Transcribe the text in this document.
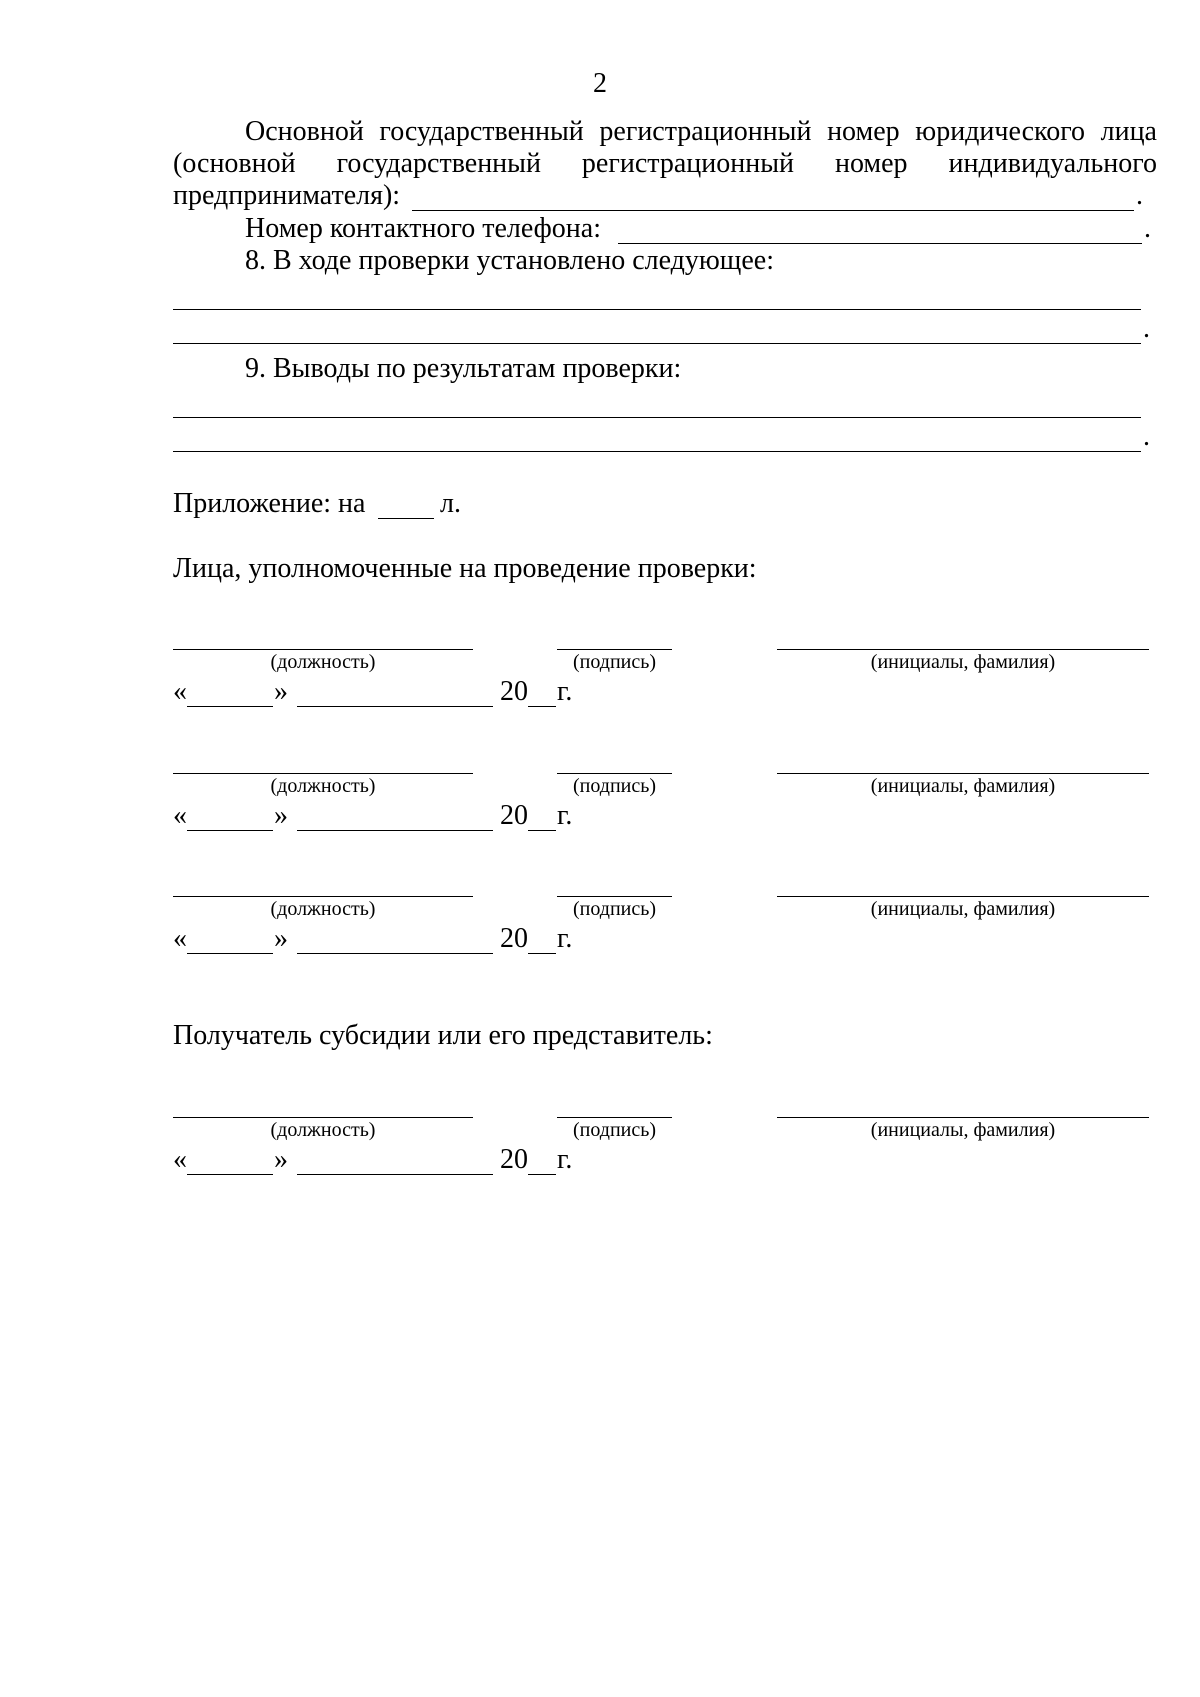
2
Основной государственный регистрационный номер юридического лица
(основной государственный регистрационный номер индивидуального
предпринимателя):	.
Номер контактного телефона:	.
8. В ходе проверки установлено следующее:
.
9. Выводы по результатам проверки:
.
Приложение: на	л.
Лица, уполномоченные на проведение проверки:
(должность)	(подпись)	(инициалы, фамилия)
«	»	20 г.
(должность)	(подпись)	(инициалы, фамилия)
«	»	20 г.
(должность)	(подпись)	(инициалы, фамилия)
«	»	20 г.
Получатель субсидии или его представитель:
(должность)	(подпись)	(инициалы, фамилия)
«	»	20 г.
